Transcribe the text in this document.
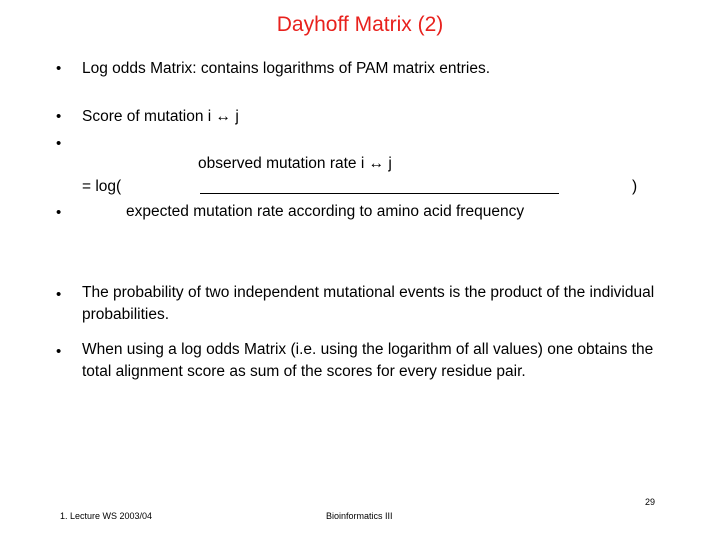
Dayhoff Matrix (2)
• Log odds Matrix: contains logarithms of PAM matrix entries.
• Score of mutation i ↔ j
•
observed mutation rate i ↔ j
= log(	)
•	expected mutation rate according to amino acid frequency
• The probability of two independent mutational events is the product of the individual probabilities.
• When using a log odds Matrix (i.e. using the logarithm of all values) one obtains the total alignment score as sum of the scores for every residue pair.
29
1. Lecture WS 2003/04	Bioinformatics III
